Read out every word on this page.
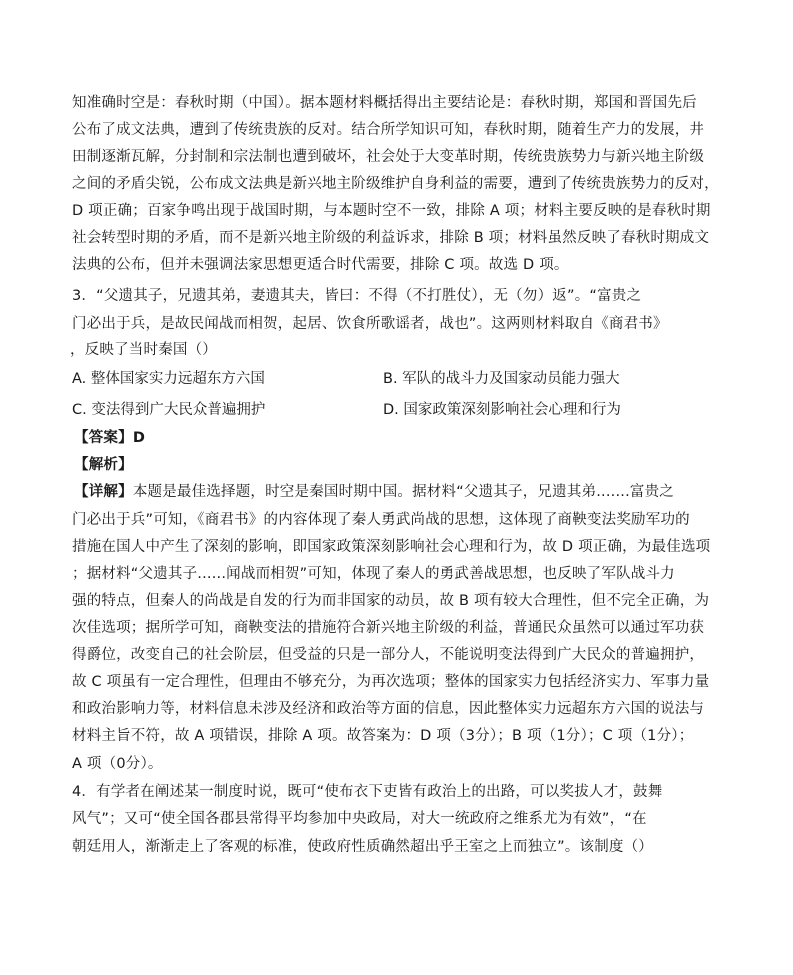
知准确时空是：春秋时期（中国）。据本题材料概括得出主要结论是：春秋时期，郑国和晋国先后
公布了成文法典，遭到了传统贵族的反对。结合所学知识可知，春秋时期，随着生产力的发展，井
田制逐渐瓦解，分封制和宗法制也遭到破坏，社会处于大变革时期，传统贵族势力与新兴地主阶级
之间的矛盾尖锐，公布成文法典是新兴地主阶级维护自身利益的需要，遭到了传统贵族势力的反对，
D 项正确；百家争鸣出现于战国时期，与本题时空不一致，排除 A 项；材料主要反映的是春秋时期
社会转型时期的矛盾，而不是新兴地主阶级的利益诉求，排除 B 项；材料虽然反映了春秋时期成文
法典的公布，但并未强调法家思想更适合时代需要，排除 C 项。故选 D 项。
3．“父遗其子，兄遗其弟，妻遗其夫，皆曰：不得（不打胜仗），无（勿）返”。“富贵之
门必出于兵，是故民闻战而相贺，起居、饮食所歌谣者，战也”。这两则材料取自《商君书》
，反映了当时秦国（）
A. 整体国家实力远超东方六国	B. 军队的战斗力及国家动员能力强大
C. 变法得到广大民众普遍拥护	D. 国家政策深刻影响社会心理和行为
【答案】D
【解析】
【详解】本题是最佳选择题，时空是秦国时期中国。据材料“父遗其子，兄遗其弟.......富贵之
门必出于兵”可知，《商君书》的内容体现了秦人勇武尚战的思想，这体现了商鞅变法奖励军功的
措施在国人中产生了深刻的影响，即国家政策深刻影响社会心理和行为，故 D 项正确，为最佳选项
；据材料“父遗其子......闻战而相贺”可知，体现了秦人的勇武善战思想，也反映了军队战斗力
强的特点，但秦人的尚战是自发的行为而非国家的动员，故 B 项有较大合理性，但不完全正确，为
次佳选项；据所学可知，商鞅变法的措施符合新兴地主阶级的利益，普通民众虽然可以通过军功获
得爵位，改变自己的社会阶层，但受益的只是一部分人，不能说明变法得到广大民众的普遍拥护，
故 C 项虽有一定合理性，但理由不够充分，为再次选项；整体的国家实力包括经济实力、军事力量
和政治影响力等，材料信息未涉及经济和政治等方面的信息，因此整体实力远超东方六国的说法与
材料主旨不符，故 A 项错误，排除 A 项。故答案为：D 项（3分）；B 项（1分）；C 项（1分）；
A 项（0分）。
4．有学者在阐述某一制度时说，既可“使布衣下吏皆有政治上的出路，可以奖拔人才，鼓舞
风气”；又可“使全国各郡县常得平均参加中央政局，对大一统政府之维系尤为有效”，“在
朝廷用人，渐渐走上了客观的标准，使政府性质确然超出乎王室之上而独立”。该制度（）
